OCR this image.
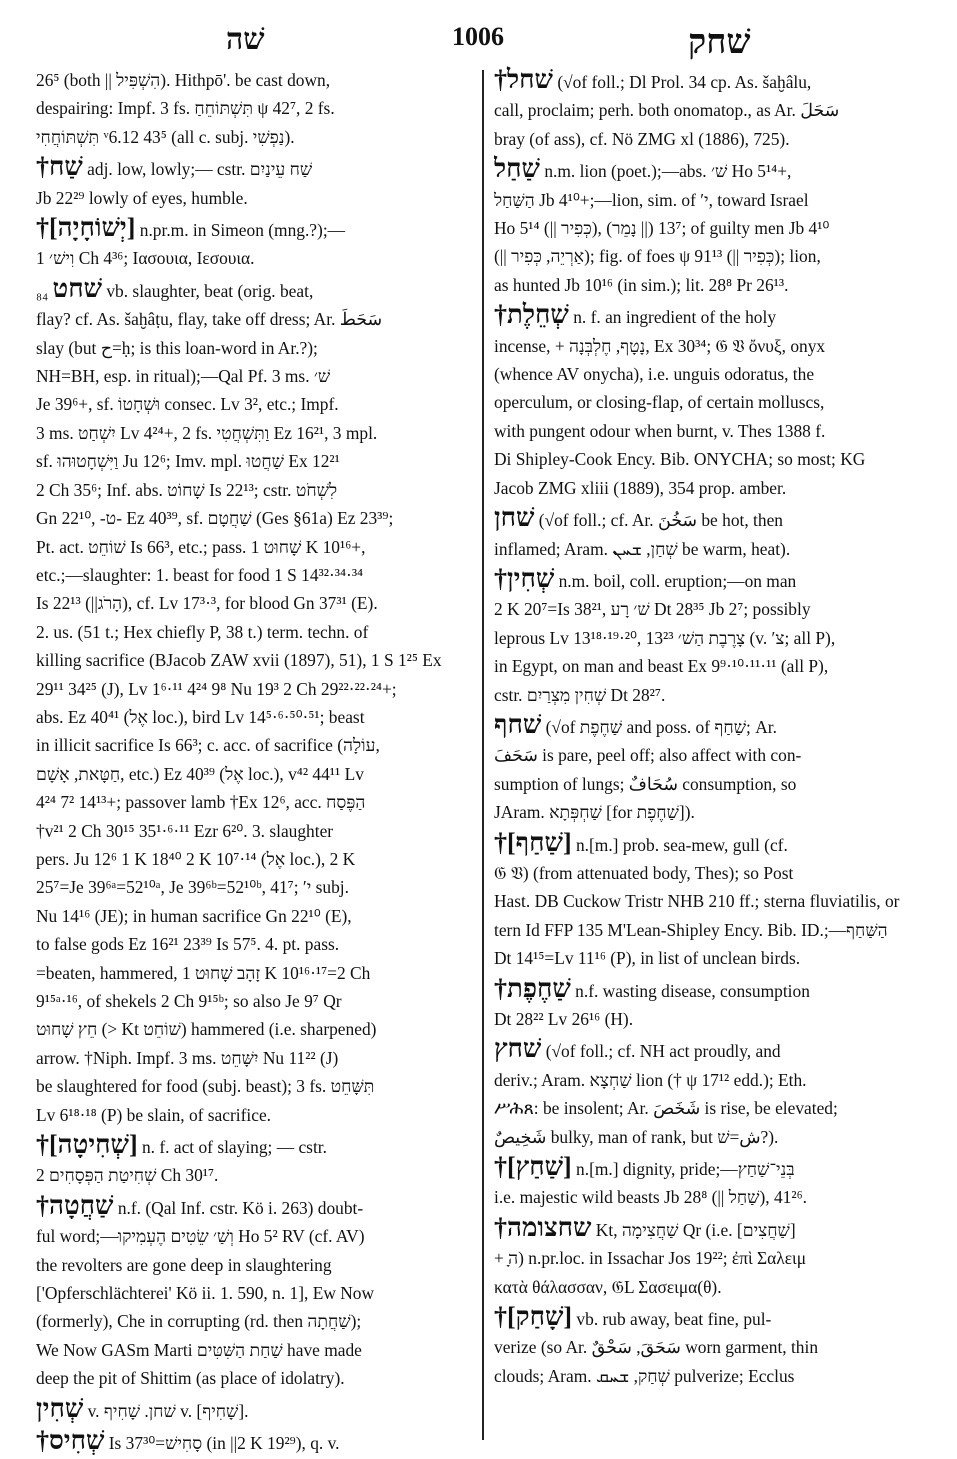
שׁה	1006	שׁחק
26⁵ (both || הִשְׁפִּיל). Hithpō'. be cast down,
despairing: Impf. 3 fs. תִּשְׁתּוֹחֵחַ ψ 42⁷, 2 fs.
תִּשְׁתּוֹחֲחִי ᵛ6.12 43⁵ (all c. subj. נַפְשִׁי).
†שַׁח adj. low, lowly;— cstr. שַׁח עֵינַיִם
Jb 22²⁹ lowly of eyes, humble.
†[יְשׁוֹחָיָה] n.pr.m. in Simeon (mng.?);—
וִישׁ׳ 1 Ch 4³⁶; Ιασουια, Ιεσουια.
שׁחט ₈₄ vb. slaughter, beat (orig. beat,
flay? cf. As. šaḫâṭu, flay, take off dress; Ar. سَحَطَ
slay (but ح=ḥ; is this loan-word in Ar.?);
NH=BH, esp. in ritual);—Qal Pf. 3 ms. שׁ׳
Je 39⁶+, sf. וּשְׁחָטוֹ consec. Lv 3², etc.; Impf.
3 ms. יִשְׁחַט Lv 4²⁴+, 2 fs. וַתִּשְׁחֲטִי Ez 16²¹, 3 mpl.
sf. וַיִּשְׁחָטוּהוּ Ju 12⁶; Imv. mpl. שַׁחֲטוּ Ex 12²¹
2 Ch 35⁶; Inf. abs. שָׁחוֹט Is 22¹³; cstr. לִשְׁחֹט
Gn 22¹⁰, -ט- Ez 40³⁹, sf. שַׁחֲטָם (Ges §61a) Ez 23³⁹;
Pt. act. שׁוֹחֵט Is 66³, etc.; pass. שָׁחוּט 1 K 10¹⁶+,
etc.;—slaughter: 1. beast for food 1 S 14³²·³⁴·³⁴
Is 22¹³ (||הָרֹג), cf. Lv 17³·³, for blood Gn 37³¹ (E).
2. us. (51 t.; Hex chiefly P, 38 t.) term. techn. of
killing sacrifice (BJacob ZAW xvii (1897), 51), 1 S 1²⁵ Ex
29¹¹ 34²⁵ (J), Lv 1⁶·¹¹ 4²⁴ 9⁸ Nu 19³ 2 Ch 29²²·²²·²⁴+;
abs. Ez 40⁴¹ (אֶל loc.), bird Lv 14⁵·⁶·⁵⁰·⁵¹; beast
in illicit sacrifice Is 66³; c. acc. of sacrifice (עוֹלָה,
חַטָּאת, אָשָׁם, etc.) Ez 40³⁹ (אֶל loc.), v⁴² 44¹¹ Lv
4²⁴ 7² 14¹³+; passover lamb †Ex 12⁶, acc. הַפֶּסַח
†v²¹ 2 Ch 30¹⁵ 35¹·⁶·¹¹ Ezr 6²⁰. 3. slaughter
pers. Ju 12⁶ 1 K 18⁴⁰ 2 K 10⁷·¹⁴ (אֶל loc.), 2 K
25⁷=Je 39⁶ᵃ=52¹⁰ᵃ, Je 39⁶ᵇ=52¹⁰ᵇ, 41⁷; ′י subj.
Nu 14¹⁶ (JE); in human sacrifice Gn 22¹⁰ (E),
to false gods Ez 16²¹ 23³⁹ Is 57⁵. 4. pt. pass.
=beaten, hammered, זָהָב שָׁחוּט 1 K 10¹⁶·¹⁷=2 Ch
9¹⁵ᵃ·¹⁶, of shekels 2 Ch 9¹⁵ᵇ; so also Je 9⁷ Qr
חֵץ שָׁחוּט (> Kt שׁוֹחֵט) hammered (i.e. sharpened)
arrow. †Niph. Impf. 3 ms. יִשָּׁחֵט Nu 11²² (J)
be slaughtered for food (subj. beast); 3 fs. תִּשָּׁחֵט
Lv 6¹⁸·¹⁸ (P) be slain, of sacrifice.
†[שְׁחִיטָה] n. f. act of slaying; — cstr.
שְׁחִיטַת הַפְּסָחִים 2 Ch 30¹⁷.
†שַׁחֲטָה n.f. (Qal Inf. cstr. Kö i. 263) doubt-
ful word;—וְשַׁ׳ שֵׂטִים הֶעְמִיקוּ Ho 5² RV (cf. AV)
the revolters are gone deep in slaughtering
['Opferschlächterei' Kö ii. 1. 590, n. 1], Ew Now
(formerly), Che in corrupting (rd. then שַׁחֲתָה);
We Now GASm Marti שַׁחַת הַשִּׁטִּים have made
deep the pit of Shittim (as place of idolatry).
שְׁחִין v. שׁחן. שָׁחִיף v. [שָׁחִיף].
†שְׁחִיס Is 37³⁰=סָחִישׁ (in ||2 K 19²⁹), q. v.
†שׁחל (√of foll.; Dl Prol. 34 cp. As. šaḫâlu,
call, proclaim; perh. both onomatop., as Ar. سَحَلَ
bray (of ass), cf. Nö ZMG xl (1886), 725).
שַׁחַל n.m. lion (poet.);—abs. שׁ׳ Ho 5¹⁴+,
הַשַּׁחַל Jb 4¹⁰+;—lion, sim. of ′י, toward Israel
Ho 5¹⁴ (|| כְּפִיר), 13⁷ (|| נָמֵר); of guilty men Jb 4¹⁰
(|| אַרְיֵה, כְּפִיר); fig. of foes ψ 91¹³ (|| כְּפִיר); lion,
as hunted Jb 10¹⁶ (in sim.); lit. 28⁸ Pr 26¹³.
†שְׁחֵלֶת n. f. an ingredient of the holy
incense, + נָטָף, חֶלְבְּנָה, Ex 30³⁴; 𝔊 𝔙 ὄνυξ, onyx
(whence AV onycha), i.e. unguis odoratus, the
operculum, or closing-flap, of certain molluscs,
with pungent odour when burnt, v. Thes 1388 f.
Di Shipley-Cook Ency. Bib. ONYCHA; so most; KG
Jacob ZMG xliii (1889), 354 prop. amber.
שׁחן (√of foll.; cf. Ar. سَخُنَ be hot, then
inflamed; Aram. שְׁחַן, ܫܚܢ be warm, heat).
†שְׁחִין n.m. boil, coll. eruption;—on man
2 K 20⁷=Is 38²¹, שׁ׳ רָע Dt 28³⁵ Jb 2⁷; possibly
leprous Lv 13¹⁸·¹⁹·²⁰, צָרֶבֶת הַשׁ׳ 13²³ (v. ′צ; all P),
in Egypt, on man and beast Ex 9⁹·¹⁰·¹¹·¹¹ (all P),
cstr. שְׁחִין מִצְרַיִם Dt 28²⁷.
שׁחף (√of שַׁחֶפֶת and poss. of שַׁחַף; Ar.
سَحَفَ is pare, peel off; also affect with con-
sumption of lungs; سُحَافٌ consumption, so
JAram. שַׁחְפְּתָא [for שַׁחֶפֶת]).
†[שַׁחַף] n.[m.] prob. sea-mew, gull (cf.
𝔊 𝔙) (from attenuated body, Thes); so Post
Hast. DB Cuckow Tristr NHB 210 ff.; sterna fluviatilis, or
tern Id FFP 135 M'Lean-Shipley Ency. Bib. ID.;—הַשַּׁחַף
Dt 14¹⁵=Lv 11¹⁶ (P), in list of unclean birds.
†שַׁחֶפֶת n.f. wasting disease, consumption
Dt 28²² Lv 26¹⁶ (H).
שׁחץ (√of foll.; cf. NH act proudly, and
deriv.; Aram. שַׁחְצָא lion († ψ 17¹² edd.); Eth.
ሥሕጸ: be insolent; Ar. شَخَصَ is rise, be elevated;
شَخِيصٌ bulky, man of rank, but ش=שׁ?).
†[שַׁחַץ] n.[m.] dignity, pride;—בְּנֵי־שַׁחַץ
i.e. majestic wild beasts Jb 28⁸ (|| שַׁחַל), 41²⁶.
†שחצומה Kt, שַׁחֲצִימָה Qr (i.e. [שַׁחֲצִים]
+ ה‍ָ) n.pr.loc. in Issachar Jos 19²²; ἐπὶ Σαλειμ
κατὰ θάλασσαν, 𝔊L Σασειμα(θ).
†[שָׁחַק] vb. rub away, beat fine, pul-
verize (so Ar. سَحَقَ, سَحْقٌ worn garment, thin
clouds; Aram. שְׁחַק, ܫܚܩ pulverize; Ecclus
